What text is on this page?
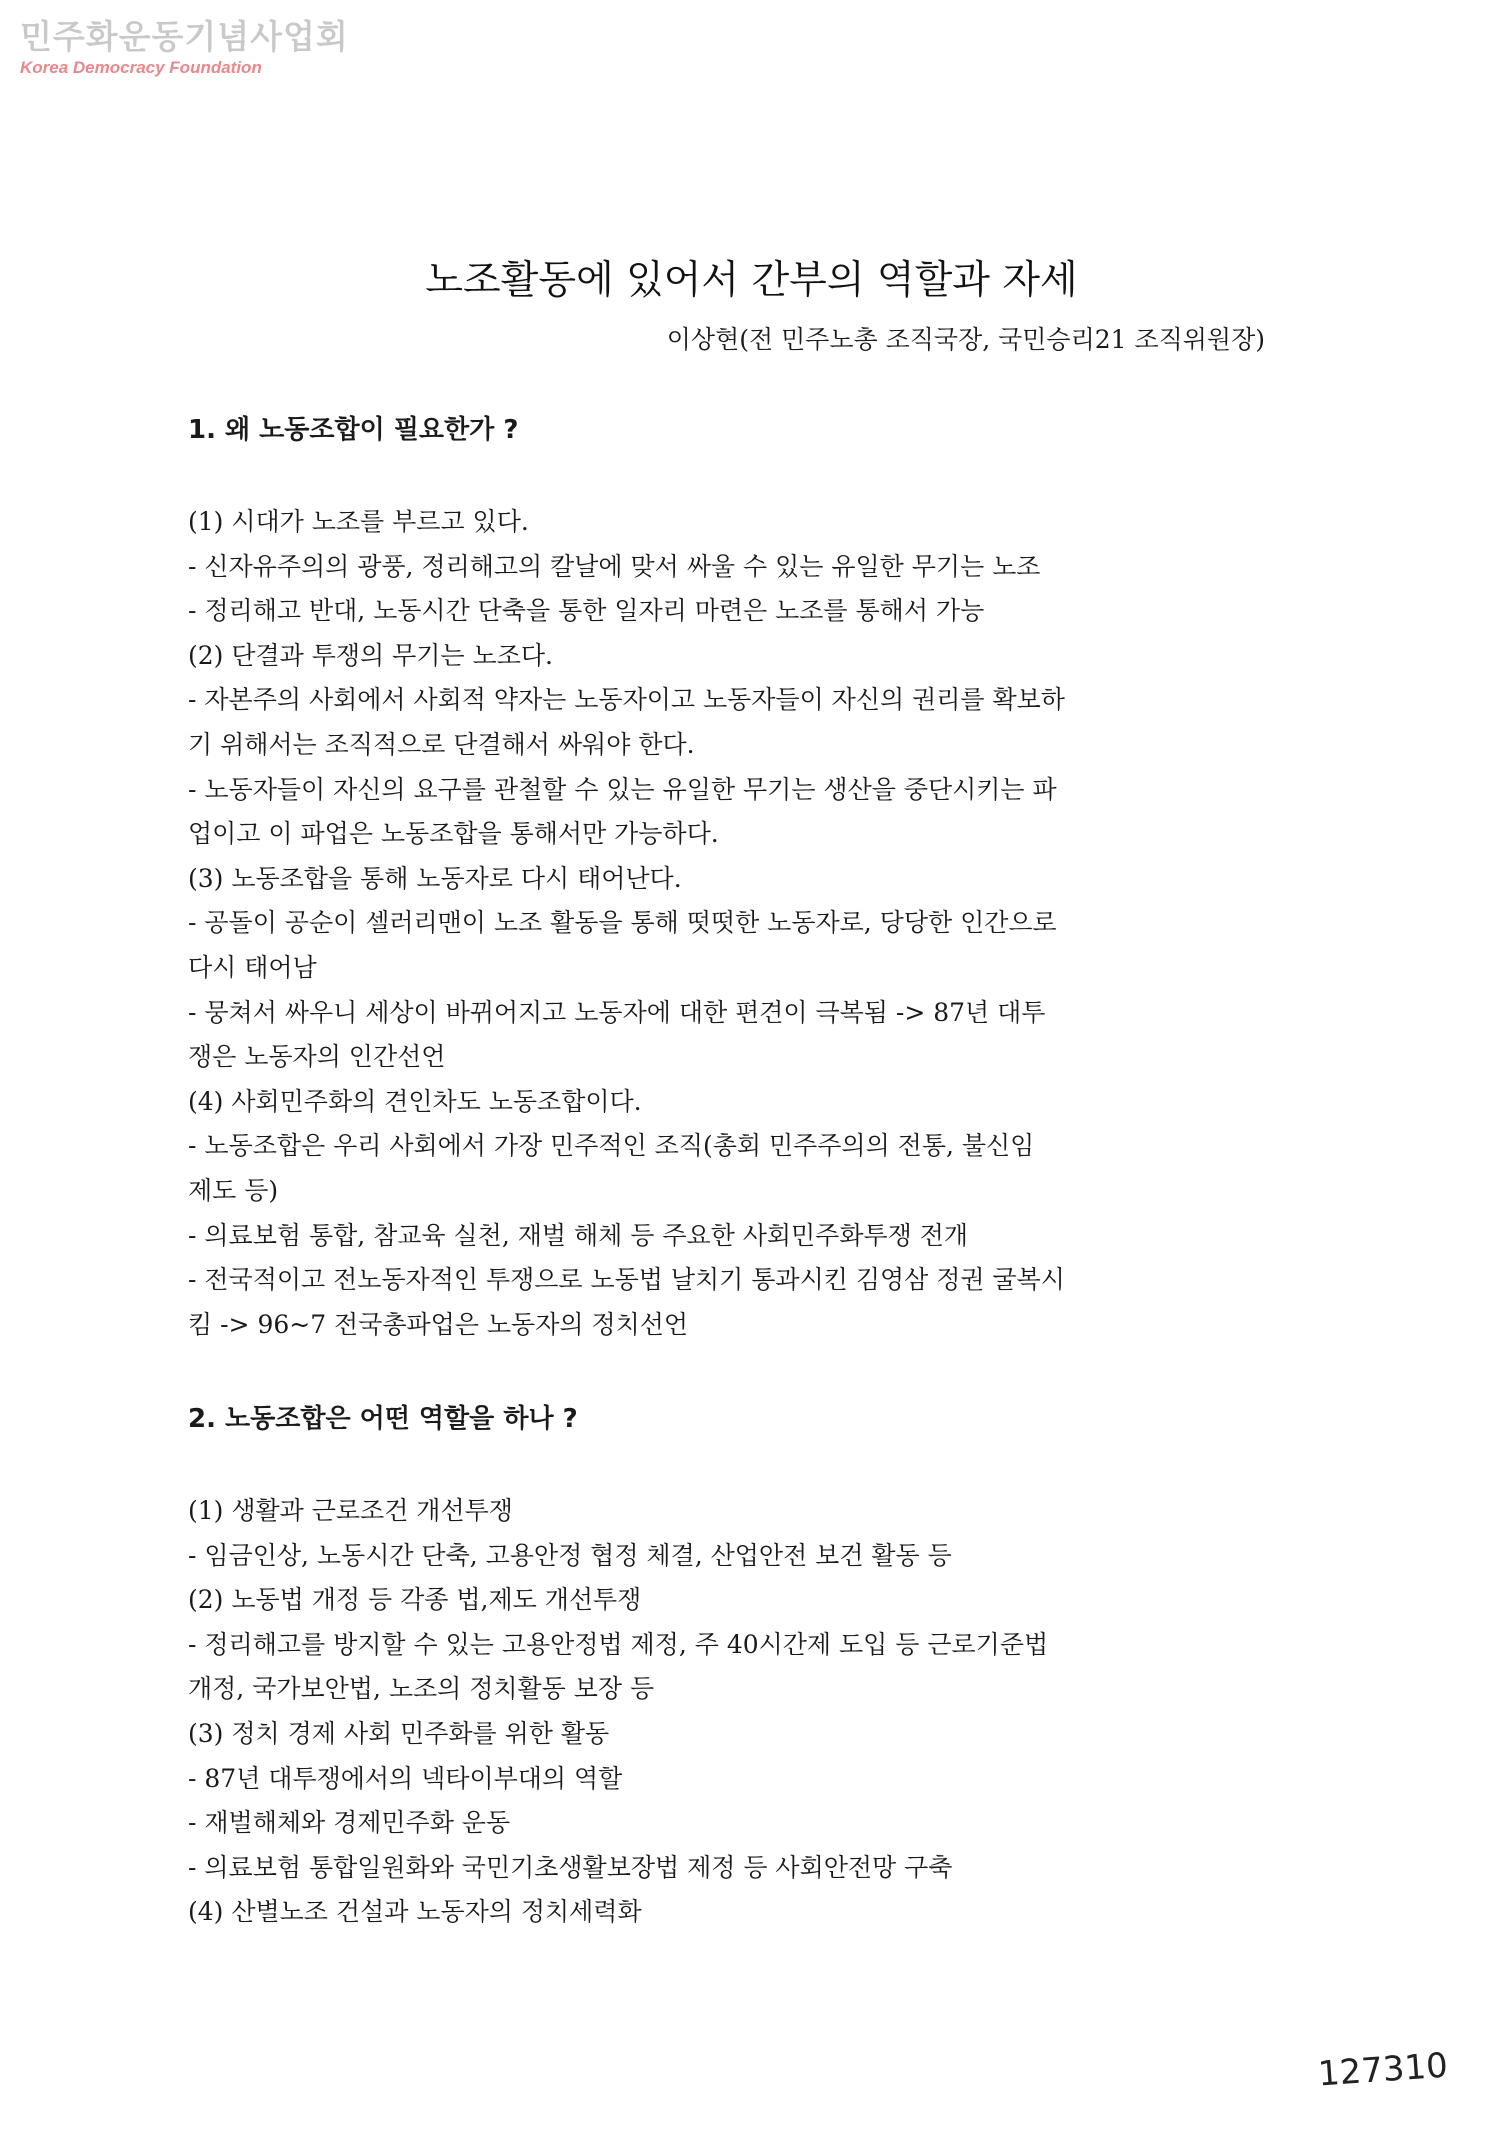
민주화운동기념사업회
Korea Democracy Foundation
노조활동에 있어서 간부의 역할과 자세
이상현(전 민주노총 조직국장, 국민승리21 조직위원장)
1. 왜 노동조합이 필요한가 ?
(1) 시대가 노조를 부르고 있다.
- 신자유주의의 광풍, 정리해고의 칼날에 맞서 싸울 수 있는 유일한 무기는 노조
- 정리해고 반대, 노동시간 단축을 통한 일자리 마련은 노조를 통해서 가능
(2) 단결과 투쟁의 무기는 노조다.
- 자본주의 사회에서 사회적 약자는 노동자이고 노동자들이 자신의 권리를 확보하
기 위해서는 조직적으로 단결해서 싸워야 한다.
- 노동자들이 자신의 요구를 관철할 수 있는 유일한 무기는 생산을 중단시키는 파
업이고 이 파업은 노동조합을 통해서만 가능하다.
(3) 노동조합을 통해 노동자로 다시 태어난다.
- 공돌이 공순이 셀러리맨이 노조 활동을 통해 떳떳한 노동자로, 당당한 인간으로
다시 태어남
- 뭉쳐서 싸우니 세상이 바뀌어지고 노동자에 대한 편견이 극복됨 -> 87년 대투
쟁은 노동자의 인간선언
(4) 사회민주화의 견인차도 노동조합이다.
- 노동조합은 우리 사회에서 가장 민주적인 조직(총회 민주주의의 전통, 불신임
제도 등)
- 의료보험 통합, 참교육 실천, 재벌 해체 등 주요한 사회민주화투쟁 전개
- 전국적이고 전노동자적인 투쟁으로 노동법 날치기 통과시킨 김영삼 정권 굴복시
킴 -> 96~7 전국총파업은 노동자의 정치선언
2. 노동조합은 어떤 역할을 하나 ?
(1) 생활과 근로조건 개선투쟁
- 임금인상, 노동시간 단축, 고용안정 협정 체결, 산업안전 보건 활동 등
(2) 노동법 개정 등 각종 법,제도 개선투쟁
- 정리해고를 방지할 수 있는 고용안정법 제정, 주 40시간제 도입 등 근로기준법
개정, 국가보안법, 노조의 정치활동 보장 등
(3) 정치 경제 사회 민주화를 위한 활동
- 87년 대투쟁에서의 넥타이부대의 역할
- 재벌해체와 경제민주화 운동
- 의료보험 통합일원화와 국민기초생활보장법 제정 등 사회안전망 구축
(4) 산별노조 건설과 노동자의 정치세력화
127310
